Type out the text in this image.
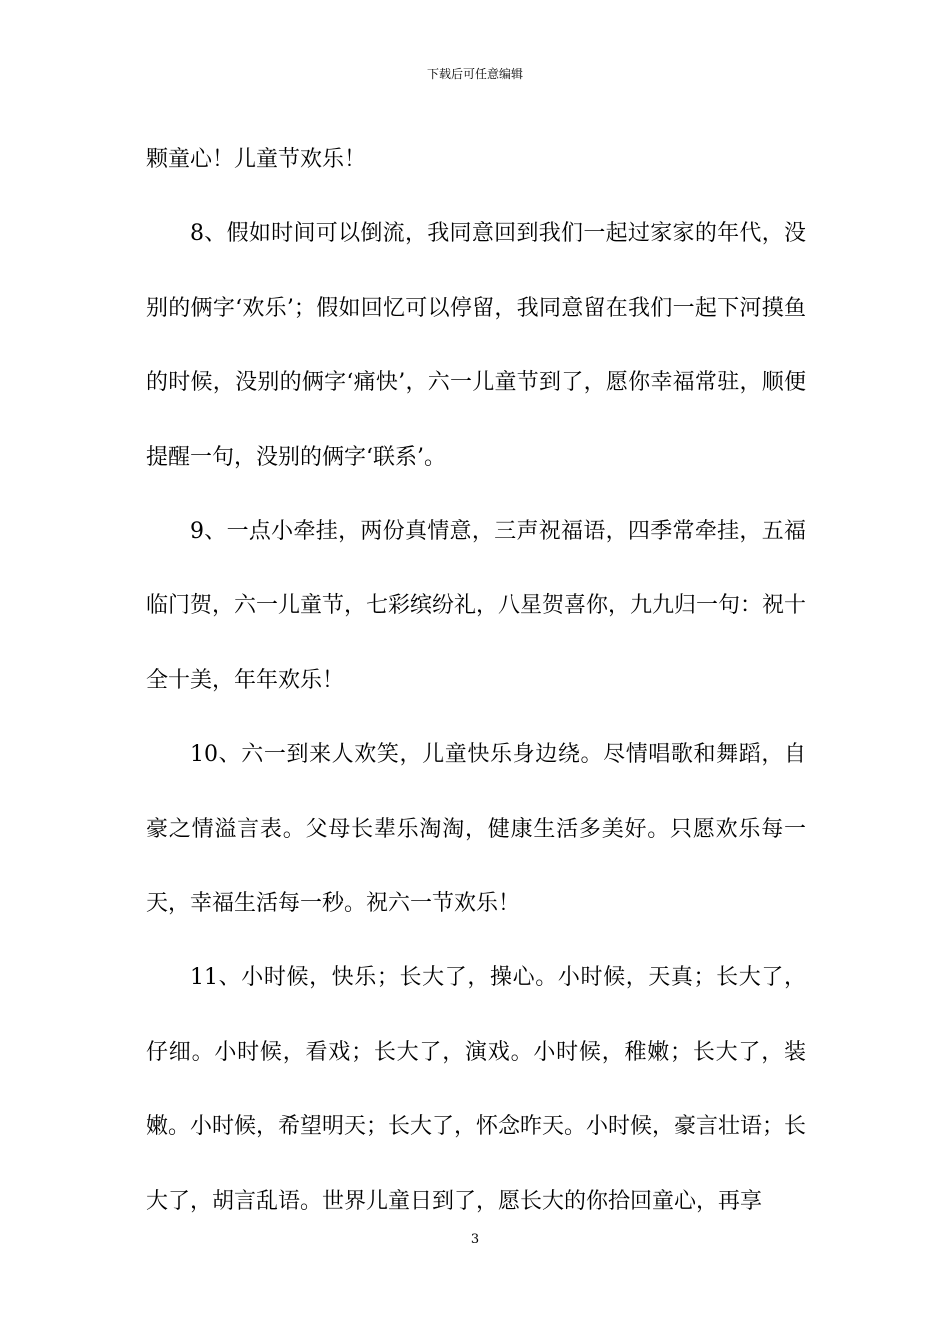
下载后可任意编辑

颗童心！儿童节欢乐！

8、假如时间可以倒流，我同意回到我们一起过家家的年代，没别的俩字‘欢乐’；假如回忆可以停留，我同意留在我们一起下河摸鱼的时候，没别的俩字‘痛快’，六一儿童节到了，愿你幸福常驻，顺便提醒一句，没别的俩字‘联系’。

9、一点小牵挂，两份真情意，三声祝福语，四季常牵挂，五福临门贺，六一儿童节，七彩缤纷礼，八星贺喜你，九九归一句：祝十全十美，年年欢乐！

10、六一到来人欢笑，儿童快乐身边绕。尽情唱歌和舞蹈，自豪之情溢言表。父母长辈乐淘淘，健康生活多美好。只愿欢乐每一天，幸福生活每一秒。祝六一节欢乐！

11、小时候，快乐；长大了，操心。小时候，天真；长大了，仔细。小时候，看戏；长大了，演戏。小时候，稚嫩；长大了，装嫩。小时候，希望明天；长大了，怀念昨天。小时候，豪言壮语；长大了，胡言乱语。世界儿童日到了，愿长大的你拾回童心，再享

3
